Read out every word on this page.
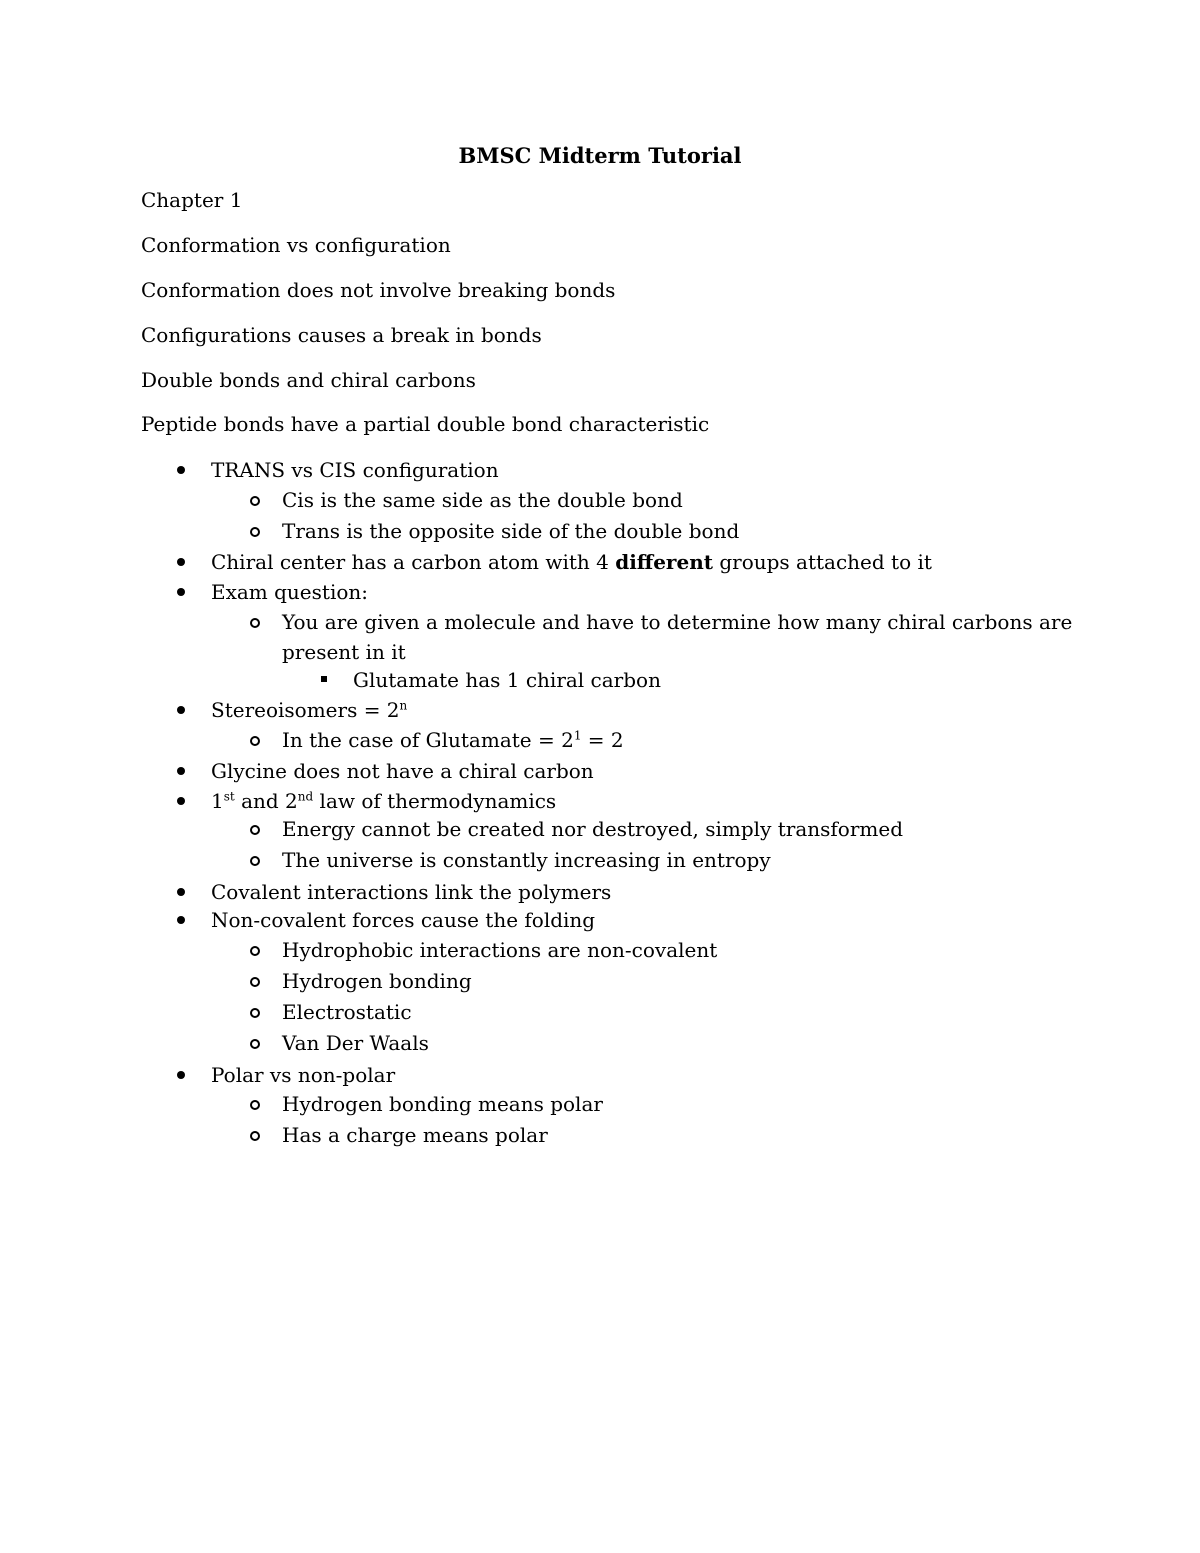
BMSC Midterm Tutorial
Chapter 1
Conformation vs configuration
Conformation does not involve breaking bonds
Configurations causes a break in bonds
Double bonds and chiral carbons
Peptide bonds have a partial double bond characteristic
TRANS vs CIS configuration
Cis is the same side as the double bond
Trans is the opposite side of the double bond
Chiral center has a carbon atom with 4 different groups attached to it
Exam question:
You are given a molecule and have to determine how many chiral carbons are
present in it
Glutamate has 1 chiral carbon
Stereoisomers = $2^n$
In the case of Glutamate = $2^1 = 2$
Glycine does not have a chiral carbon
1st and 2nd law of thermodynamics
Energy cannot be created nor destroyed, simply transformed
The universe is constantly increasing in entropy
Covalent interactions link the polymers
Non-covalent forces cause the folding
Hydrophobic interactions are non-covalent
Hydrogen bonding
Electrostatic
Van Der Waals
Polar vs non-polar
Hydrogen bonding means polar
Has a charge means polar
